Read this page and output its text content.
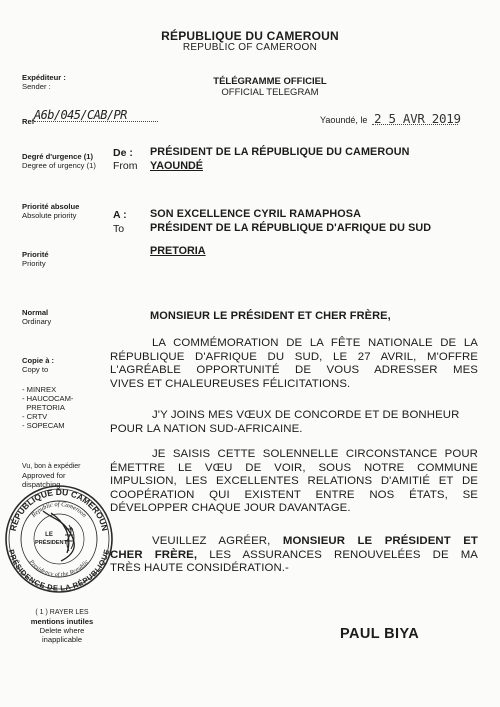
RÉPUBLIQUE DU CAMEROUN
REPUBLIC OF CAMEROON
TÉLÉGRAMME OFFICIEL
OFFICIAL TELEGRAM
Expéditeur :
Sender :
Ref A6b/045/CAB/PR
Degré d'urgence (1)
Degree of urgency (1)
Priorité absolue
Absolute priority
Priorité
Priority
Normal
Ordinary
Copie à :
Copy to
- MINREX
- HAUCOCAM-
PRETORIA
- CRTV
- SOPECAM
Vu, bon à expédier
Approved for
dispatching
RÉPUBLIQUE DU CAMEROUN
PRÉSIDENCE DE LA RÉPUBLIQUE
Republic of Cameroon
Presidency of the Republic
LE
PRÉSIDENT
( 1 ) RAYER LES
mentions inutiles
Delete where
inapplicable
Yaoundé, le 2 5 AVR 2019
De :
From
PRÉSIDENT DE LA RÉPUBLIQUE DU CAMEROUN
YAOUNDÉ
A :
To
SON EXCELLENCE CYRIL RAMAPHOSA
PRÉSIDENT DE LA RÉPUBLIQUE D'AFRIQUE DU SUD
PRETORIA
MONSIEUR LE PRÉSIDENT ET CHER FRÈRE,
LA COMMÉMORATION DE LA FÊTE NATIONALE DE LA
RÉPUBLIQUE D'AFRIQUE DU SUD, LE 27 AVRIL, M'OFFRE
L'AGRÉABLE OPPORTUNITÉ DE VOUS ADRESSER MES
VIVES ET CHALEUREUSES FÉLICITATIONS.
J'Y JOINS MES VŒUX DE CONCORDE ET DE BONHEUR
POUR LA NATION SUD-AFRICAINE.
JE SAISIS CETTE SOLENNELLE CIRCONSTANCE POUR
ÉMETTRE LE VŒU DE VOIR, SOUS NOTRE COMMUNE
IMPULSION, LES EXCELLENTES RELATIONS D'AMITIÉ ET DE
COOPÉRATION QUI EXISTENT ENTRE NOS ÉTATS, SE
DÉVELOPPER CHAQUE JOUR DAVANTAGE.
VEUILLEZ AGRÉER, MONSIEUR LE PRÉSIDENT ET
CHER FRÈRE, LES ASSURANCES RENOUVELÉES DE MA
TRÈS HAUTE CONSIDÉRATION.-
PAUL BIYA
